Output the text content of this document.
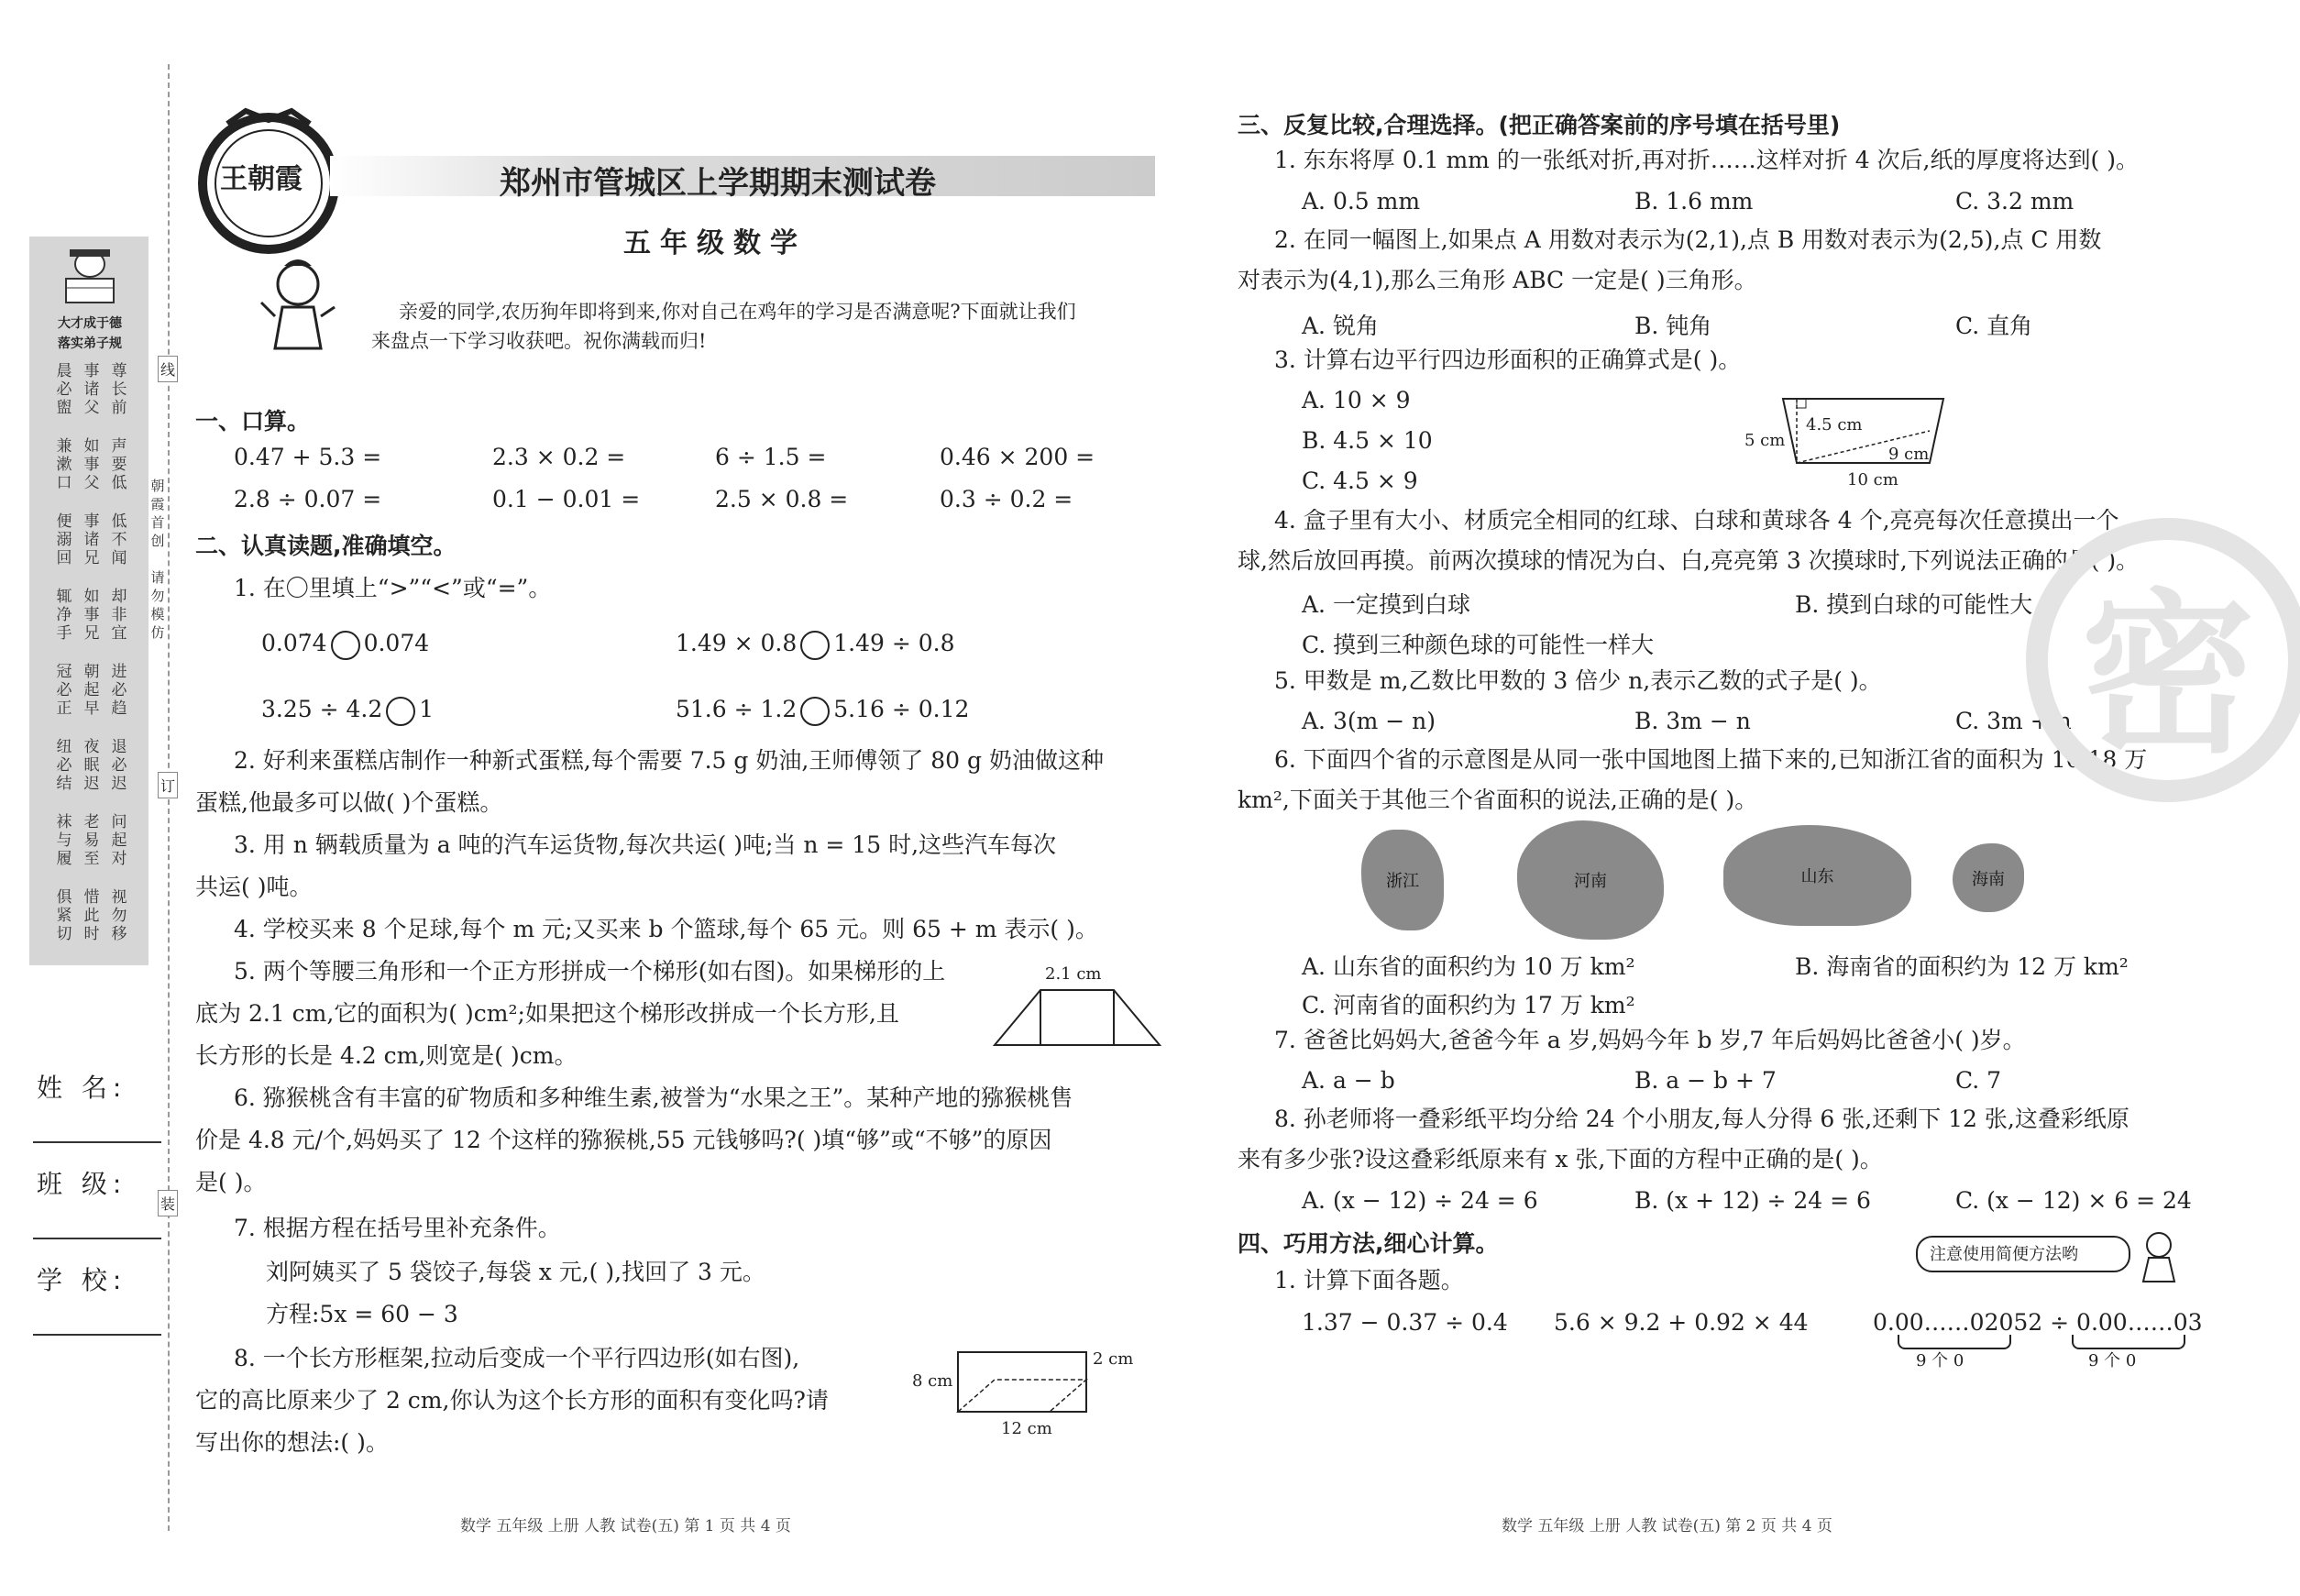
大才成于德
落实弟子规
晨必盥
事诸父
尊长前
兼漱口
如事父
声要低
便溺回
事诸兄
低不闻
辄净手
如事兄
却非宜
冠必正
朝起早
进必趋
纽必结
夜眠迟
退必迟
袜与履
老易至
问起对
俱紧切
惜此时
视勿移
姓 名:
班 级:
学 校:
线
订
装
朝霞首创
请勿模仿
王朝霞	郑州市管城区上学期期末测试卷
五年级数学
亲爱的同学,农历狗年即将到来,你对自己在鸡年的学习是否满意呢?下面就让我们
来盘点一下学习收获吧。祝你满载而归!
一、口算。
0.47 + 5.3 =	2.3 × 0.2 =	6 ÷ 1.5 =	0.46 × 200 =
2.8 ÷ 0.07 =	0.1 − 0.01 =	2.5 × 0.8 =	0.3 ÷ 0.2 =
二、认真读题,准确填空。
1. 在〇里填上“>”“<”或“=”。
0.07̇4̇ 0.074	1.49 × 0.8 1.49 ÷ 0.8
3.25 ÷ 4.2 1	51.6 ÷ 1.2 5.16 ÷ 0.12
2. 好利来蛋糕店制作一种新式蛋糕,每个需要 7.5 g 奶油,王师傅领了 80 g 奶油做这种
蛋糕,他最多可以做( )个蛋糕。
3. 用 n 辆载质量为 a 吨的汽车运货物,每次共运( )吨;当 n = 15 时,这些汽车每次
共运( )吨。
4. 学校买来 8 个足球,每个 m 元;又买来 b 个篮球,每个 65 元。则 65 + m 表示( )。
5. 两个等腰三角形和一个正方形拼成一个梯形(如右图)。如果梯形的上
底为 2.1 cm,它的面积为( )cm²;如果把这个梯形改拼成一个长方形,且
长方形的长是 4.2 cm,则宽是( )cm。
2.1 cm
6. 猕猴桃含有丰富的矿物质和多种维生素,被誉为“水果之王”。某种产地的猕猴桃售
价是 4.8 元/个,妈妈买了 12 个这样的猕猴桃,55 元钱够吗?( )填“够”或“不够”的原因
是( )。
7. 根据方程在括号里补充条件。
刘阿姨买了 5 袋饺子,每袋 x 元,( ),找回了 3 元。
方程:5x = 60 − 3
8. 一个长方形框架,拉动后变成一个平行四边形(如右图),
它的高比原来少了 2 cm,你认为这个长方形的面积有变化吗?请
写出你的想法:( )。
8 cm
2 cm
12 cm
数学 五年级 上册 人教 试卷(五) 第 1 页 共 4 页
三、反复比较,合理选择。(把正确答案前的序号填在括号里)
1. 东东将厚 0.1 mm 的一张纸对折,再对折……这样对折 4 次后,纸的厚度将达到( )。
A. 0.5 mm	B. 1.6 mm	C. 3.2 mm
2. 在同一幅图上,如果点 A 用数对表示为(2,1),点 B 用数对表示为(2,5),点 C 用数
对表示为(4,1),那么三角形 ABC 一定是( )三角形。
A. 锐角	B. 钝角	C. 直角
3. 计算右边平行四边形面积的正确算式是( )。
A. 10 × 9
B. 4.5 × 10
C. 4.5 × 9
5 cm
4.5 cm
9 cm
10 cm
4. 盒子里有大小、材质完全相同的红球、白球和黄球各 4 个,亮亮每次任意摸出一个
球,然后放回再摸。前两次摸球的情况为白、白,亮亮第 3 次摸球时,下列说法正确的是( )。
A. 一定摸到白球	B. 摸到白球的可能性大
C. 摸到三种颜色球的可能性一样大
5. 甲数是 m,乙数比甲数的 3 倍少 n,表示乙数的式子是( )。
A. 3(m − n)	B. 3m − n	C. 3m + n
6. 下面四个省的示意图是从同一张中国地图上描下来的,已知浙江省的面积为 10.18 万
km²,下面关于其他三个省面积的说法,正确的是( )。
浙江	河南	山东	海南
A. 山东省的面积约为 10 万 km²	B. 海南省的面积约为 12 万 km²
C. 河南省的面积约为 17 万 km²
7. 爸爸比妈妈大,爸爸今年 a 岁,妈妈今年 b 岁,7 年后妈妈比爸爸小( )岁。
A. a − b	B. a − b + 7	C. 7
8. 孙老师将一叠彩纸平均分给 24 个小朋友,每人分得 6 张,还剩下 12 张,这叠彩纸原
来有多少张?设这叠彩纸原来有 x 张,下面的方程中正确的是( )。
A. (x − 12) ÷ 24 = 6	B. (x + 12) ÷ 24 = 6	C. (x − 12) × 6 = 24
四、巧用方法,细心计算。	注意使用简便方法哟
1. 计算下面各题。
1.37 − 0.37 ÷ 0.4 5.6 × 9.2 + 0.92 × 44	0.00……02052 ÷ 0.00……03
9 个 0	9 个 0
密
数学 五年级 上册 人教 试卷(五) 第 2 页 共 4 页
